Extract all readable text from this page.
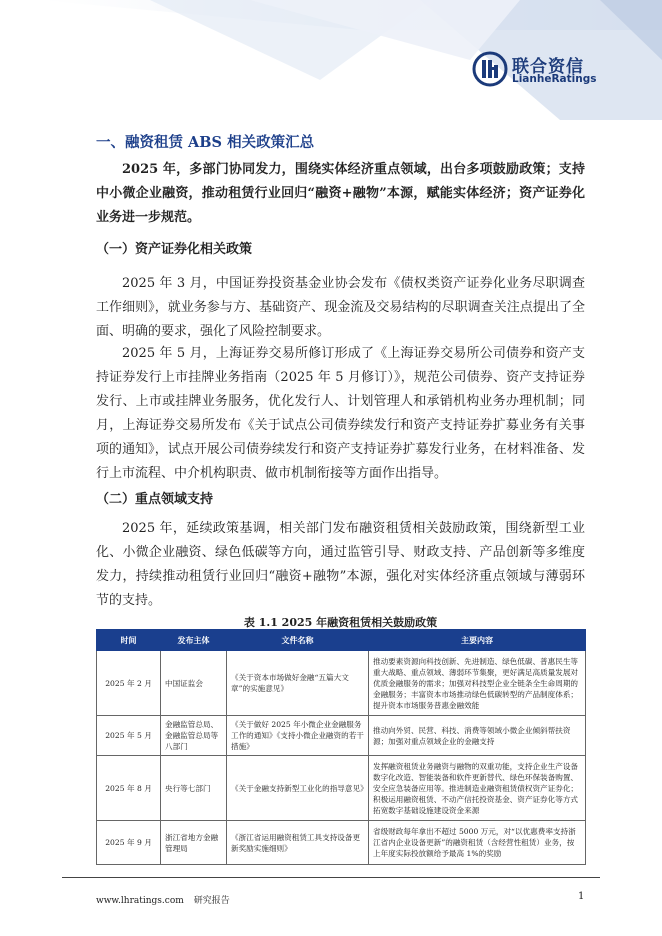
联合资信
LianheRatings
一、融资租赁 ABS 相关政策汇总

2025 年，多部门协同发力，围绕实体经济重点领域，出台多项鼓励政策；支持中小微企业融资，推动租赁行业回归“融资+融物”本源，赋能实体经济；资产证券化业务进一步规范。

（一）资产证券化相关政策

2025 年 3 月，中国证券投资基金业协会发布《债权类资产证券化业务尽职调查工作细则》，就业务参与方、基础资产、现金流及交易结构的尽职调查关注点提出了全面、明确的要求，强化了风险控制要求。

2025 年 5 月，上海证券交易所修订形成了《上海证券交易所公司债券和资产支持证券发行上市挂牌业务指南（2025 年 5 月修订）》，规范公司债券、资产支持证券发行、上市或挂牌业务服务，优化发行人、计划管理人和承销机构业务办理机制；同月，上海证券交易所发布《关于试点公司债券续发行和资产支持证券扩募业务有关事项的通知》，试点开展公司债券续发行和资产支持证券扩募发行业务，在材料准备、发行上市流程、中介机构职责、做市机制衔接等方面作出指导。

（二）重点领域支持

2025 年，延续政策基调，相关部门发布融资租赁相关鼓励政策，围绕新型工业化、小微企业融资、绿色低碳等方向，通过监管引导、财政支持、产品创新等多维度发力，持续推动租赁行业回归“融资+融物”本源，强化对实体经济重点领域与薄弱环节的支持。

表 1.1 2025 年融资租赁相关鼓励政策
时间	发布主体	文件名称	主要内容
2025 年 2 月	中国证监会	《关于资本市场做好金融“五篇大文章”的实施意见》	推动要素资源向科技创新、先进制造、绿色低碳、普惠民生等重大战略、重点领域、薄弱环节集聚，更好满足高质量发展对优质金融服务的需求；加强对科技型企业全链条全生命周期的金融服务；丰富资本市场推动绿色低碳转型的产品制度体系；提升资本市场服务普惠金融效能
2025 年 5 月	金融监管总局、金融监管总局等八部门	《关于做好 2025 年小微企业金融服务工作的通知》《支持小微企业融资的若干措施》	推动向外贸、民营、科技、消费等领域小微企业倾斜帮扶资源；加强对重点领域企业的金融支持
2025 年 8 月	央行等七部门	《关于金融支持新型工业化的指导意见》	发挥融资租赁业务融资与融物的双重功能，支持企业生产设备数字化改造、智能装备和软件更新替代、绿色环保装备购置、安全应急装备应用等。推进制造业融资租赁债权资产证券化；积极运用融资租赁、不动产信托投资基金、资产证券化等方式拓宽数字基础设施建设资金来源
2025 年 9 月	浙江省地方金融管理局	《浙江省运用融资租赁工具支持设备更新奖励实施细则》	省级财政每年拿出不超过 5000 万元，对“以优惠费率支持浙江省内企业设备更新”的融资租赁（含经营性租赁）业务，按上年度实际投放额给予最高 1%的奖励
www.lhratings.com 研究报告	1
